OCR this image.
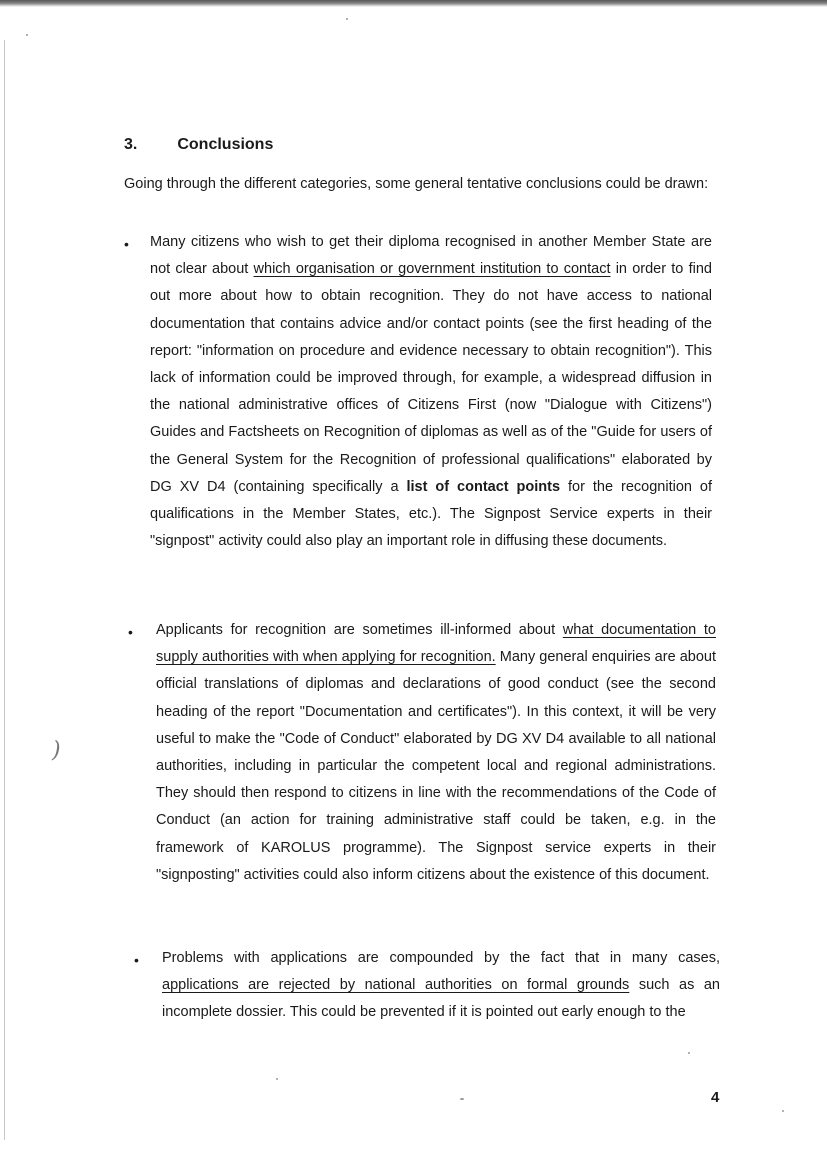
)
3.	Conclusions

Going through the different categories, some general tentative conclusions could be drawn:

• Many citizens who wish to get their diploma recognised in another Member State are not clear about which organisation or government institution to contact in order to find out more about how to obtain recognition. They do not have access to national documentation that contains advice and/or contact points (see the first heading of the report: "information on procedure and evidence necessary to obtain recognition"). This lack of information could be improved through, for example, a widespread diffusion in the national administrative offices of Citizens First (now "Dialogue with Citizens") Guides and Factsheets on Recognition of diplomas as well as of the "Guide for users of the General System for the Recognition of professional qualifications" elaborated by DG XV D4 (containing specifically a list of contact points for the recognition of qualifications in the Member States, etc.). The Signpost Service experts in their "signpost" activity could also play an important role in diffusing these documents.

• Applicants for recognition are sometimes ill-informed about what documentation to supply authorities with when applying for recognition. Many general enquiries are about official translations of diplomas and declarations of good conduct (see the second heading of the report "Documentation and certificates"). In this context, it will be very useful to make the "Code of Conduct" elaborated by DG XV D4 available to all national authorities, including in particular the competent local and regional administrations. They should then respond to citizens in line with the recommendations of the Code of Conduct (an action for training administrative staff could be taken, e.g. in the framework of KAROLUS programme). The Signpost service experts in their "signposting" activities could also inform citizens about the existence of this document.

• Problems with applications are compounded by the fact that in many cases, applications are rejected by national authorities on formal grounds such as an incomplete dossier. This could be prevented if it is pointed out early enough to the

4
